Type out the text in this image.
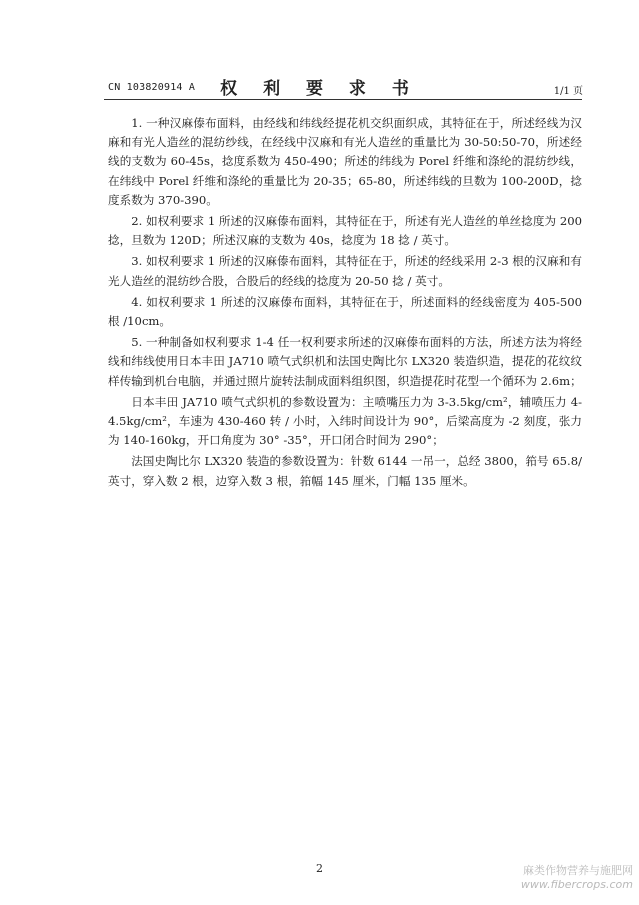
CN 103820914 A	权 利 要 求 书	1/1 页

1. 一种汉麻傣布面料，由经线和纬线经提花机交织面织成，其特征在于，所述经线为汉麻和有光人造丝的混纺纱线，在经线中汉麻和有光人造丝的重量比为 30-50:50-70，所述经线的支数为 60-45s，捻度系数为 450-490；所述的纬线为 Porel 纤维和涤纶的混纺纱线，在纬线中 Porel 纤维和涤纶的重量比为 20-35；65-80，所述纬线的旦数为 100-200D，捻度系数为 370-390。

2. 如权利要求 1 所述的汉麻傣布面料，其特征在于，所述有光人造丝的单丝捻度为 200 捻，旦数为 120D；所述汉麻的支数为 40s，捻度为 18 捻 / 英寸。

3. 如权利要求 1 所述的汉麻傣布面料，其特征在于，所述的经线采用 2-3 根的汉麻和有光人造丝的混纺纱合股，合股后的经线的捻度为 20-50 捻 / 英寸。

4. 如权利要求 1 所述的汉麻傣布面料，其特征在于，所述面料的经线密度为 405-500 根 /10cm。

5. 一种制备如权利要求 1-4 任一权利要求所述的汉麻傣布面料的方法，所述方法为将经线和纬线使用日本丰田 JA710 喷气式织机和法国史陶比尔 LX320 装造织造，提花的花纹纹样传输到机台电脑，并通过照片旋转法制成面料组织图，织造提花时花型一个循环为 2.6m；

日本丰田 JA710 喷气式织机的参数设置为：主喷嘴压力为 3-3.5kg/cm²，辅喷压力 4-4.5kg/cm²，车速为 430-460 转 / 小时，入纬时间设计为 90°，后梁高度为 -2 刻度，张力为 140-160kg，开口角度为 30° -35°，开口闭合时间为 290°；

法国史陶比尔 LX320 装造的参数设置为：针数 6144 一吊一，总经 3800，筘号 65.8/ 英寸，穿入数 2 根，边穿入数 3 根，筘幅 145 厘米，门幅 135 厘米。

2	麻类作物营养与施肥网
www.fibercrops.com
